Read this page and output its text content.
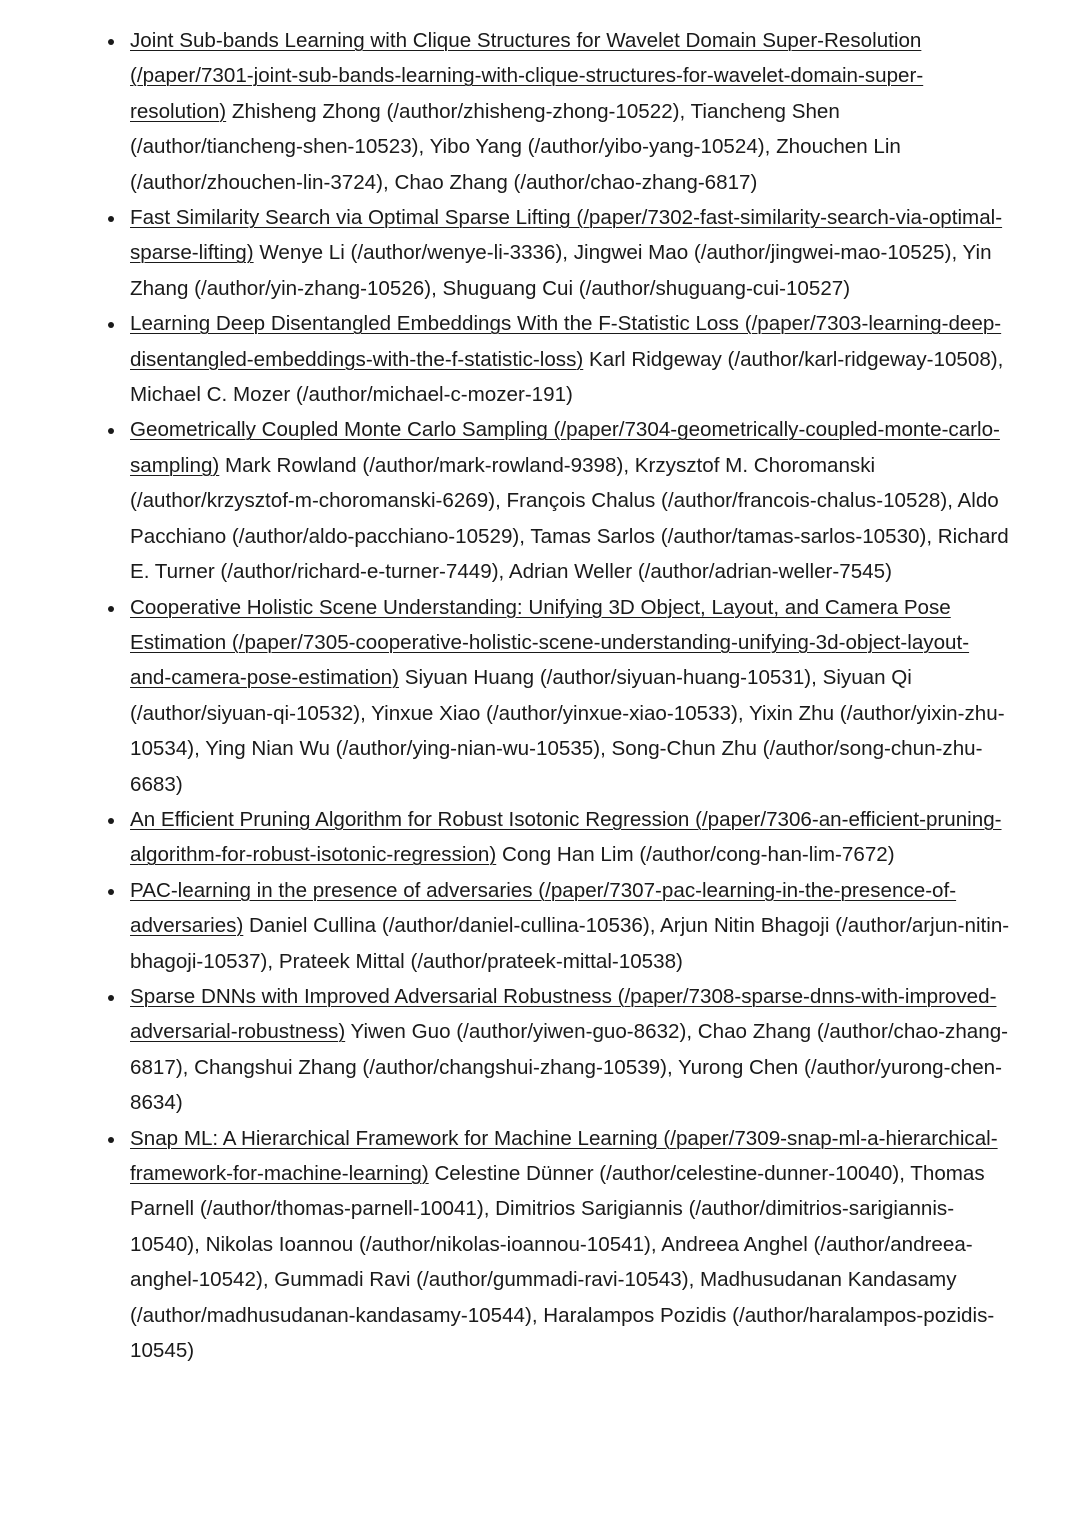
Joint Sub-bands Learning with Clique Structures for Wavelet Domain Super-Resolution (/paper/7301-joint-sub-bands-learning-with-clique-structures-for-wavelet-domain-super-resolution) Zhisheng Zhong (/author/zhisheng-zhong-10522), Tiancheng Shen (/author/tiancheng-shen-10523), Yibo Yang (/author/yibo-yang-10524), Zhouchen Lin (/author/zhouchen-lin-3724), Chao Zhang (/author/chao-zhang-6817)
Fast Similarity Search via Optimal Sparse Lifting (/paper/7302-fast-similarity-search-via-optimal-sparse-lifting) Wenye Li (/author/wenye-li-3336), Jingwei Mao (/author/jingwei-mao-10525), Yin Zhang (/author/yin-zhang-10526), Shuguang Cui (/author/shuguang-cui-10527)
Learning Deep Disentangled Embeddings With the F-Statistic Loss (/paper/7303-learning-deep-disentangled-embeddings-with-the-f-statistic-loss) Karl Ridgeway (/author/karl-ridgeway-10508), Michael C. Mozer (/author/michael-c-mozer-191)
Geometrically Coupled Monte Carlo Sampling (/paper/7304-geometrically-coupled-monte-carlo-sampling) Mark Rowland (/author/mark-rowland-9398), Krzysztof M. Choromanski (/author/krzysztof-m-choromanski-6269), François Chalus (/author/francois-chalus-10528), Aldo Pacchiano (/author/aldo-pacchiano-10529), Tamas Sarlos (/author/tamas-sarlos-10530), Richard E. Turner (/author/richard-e-turner-7449), Adrian Weller (/author/adrian-weller-7545)
Cooperative Holistic Scene Understanding: Unifying 3D Object, Layout, and Camera Pose Estimation (/paper/7305-cooperative-holistic-scene-understanding-unifying-3d-object-layout-and-camera-pose-estimation) Siyuan Huang (/author/siyuan-huang-10531), Siyuan Qi (/author/siyuan-qi-10532), Yinxue Xiao (/author/yinxue-xiao-10533), Yixin Zhu (/author/yixin-zhu-10534), Ying Nian Wu (/author/ying-nian-wu-10535), Song-Chun Zhu (/author/song-chun-zhu-6683)
An Efficient Pruning Algorithm for Robust Isotonic Regression (/paper/7306-an-efficient-pruning-algorithm-for-robust-isotonic-regression) Cong Han Lim (/author/cong-han-lim-7672)
PAC-learning in the presence of adversaries (/paper/7307-pac-learning-in-the-presence-of-adversaries) Daniel Cullina (/author/daniel-cullina-10536), Arjun Nitin Bhagoji (/author/arjun-nitin-bhagoji-10537), Prateek Mittal (/author/prateek-mittal-10538)
Sparse DNNs with Improved Adversarial Robustness (/paper/7308-sparse-dnns-with-improved-adversarial-robustness) Yiwen Guo (/author/yiwen-guo-8632), Chao Zhang (/author/chao-zhang-6817), Changshui Zhang (/author/changshui-zhang-10539), Yurong Chen (/author/yurong-chen-8634)
Snap ML: A Hierarchical Framework for Machine Learning (/paper/7309-snap-ml-a-hierarchical-framework-for-machine-learning) Celestine Dünner (/author/celestine-dunner-10040), Thomas Parnell (/author/thomas-parnell-10041), Dimitrios Sarigiannis (/author/dimitrios-sarigiannis-10540), Nikolas Ioannou (/author/nikolas-ioannou-10541), Andreea Anghel (/author/andreea-anghel-10542), Gummadi Ravi (/author/gummadi-ravi-10543), Madhusudanan Kandasamy (/author/madhusudanan-kandasamy-10544), Haralampos Pozidis (/author/haralampos-pozidis-10545)
